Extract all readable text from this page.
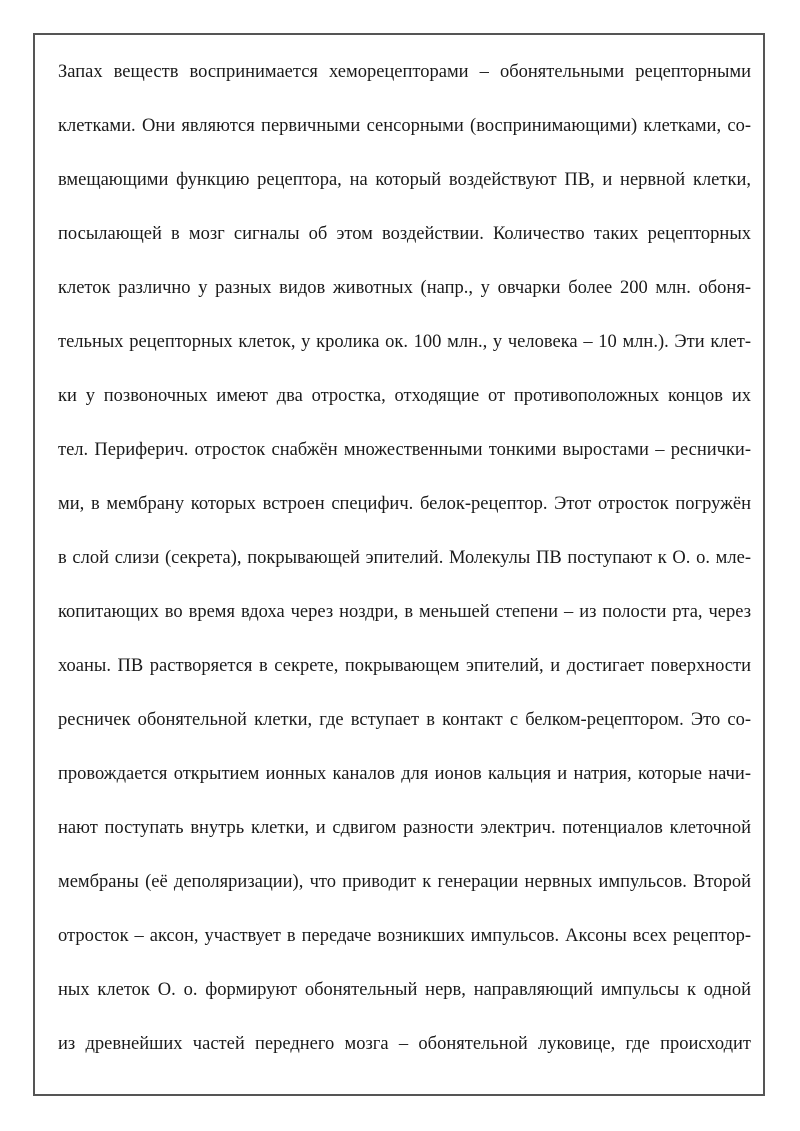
Запах веществ воспринимается хеморецепторами – обонятельными рецепторными
клетками. Они являются первичными сенсорными (воспринимающими) клетками, со-
вмещающими функцию рецептора, на который воздействуют ПВ, и нервной клетки,
посылающей в мозг сигналы об этом воздействии. Количество таких рецепторных
клеток различно у разных видов животных (напр., у овчарки более 200 млн. обоня-
тельных рецепторных клеток, у кролика ок. 100 млн., у человека – 10 млн.). Эти клет-
ки у позвоночных имеют два отростка, отходящие от противоположных концов их
тел. Периферич. отросток снабжён множественными тонкими выростами – реснички-
ми, в мембрану которых встроен специфич. белок-рецептор. Этот отросток погружён
в слой слизи (секрета), покрывающей эпителий. Молекулы ПВ поступают к О. о. мле-
копитающих во время вдоха через ноздри, в меньшей степени – из полости рта, через
хоаны. ПВ растворяется в секрете, покрывающем эпителий, и достигает поверхности
ресничек обонятельной клетки, где вступает в контакт с белком-рецептором. Это со-
провождается открытием ионных каналов для ионов кальция и натрия, которые начи-
нают поступать внутрь клетки, и сдвигом разности электрич. потенциалов клеточной
мембраны (её деполяризации), что приводит к генерации нервных импульсов. Второй
отросток – аксон, участвует в передаче возникших импульсов. Аксоны всех рецептор-
ных клеток О. о. формируют обонятельный нерв, направляющий импульсы к одной
из древнейших частей переднего мозга – обонятельной луковице, где происходит
